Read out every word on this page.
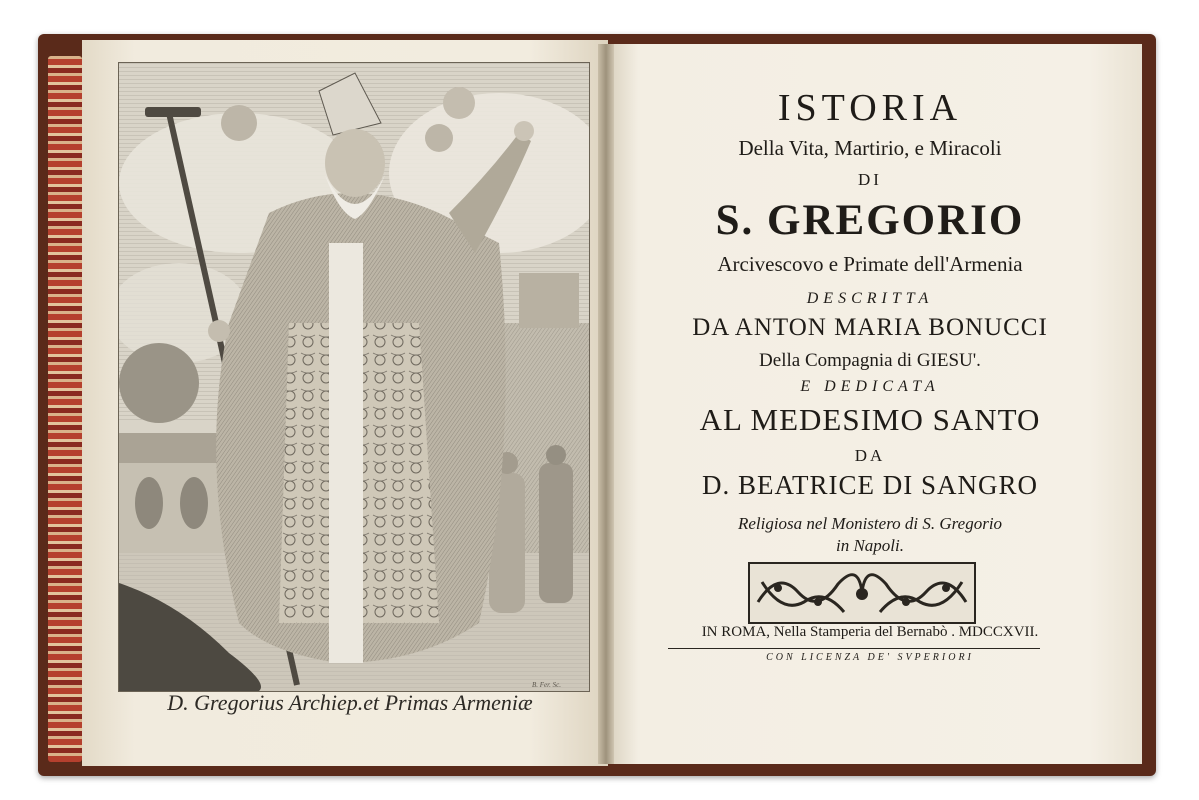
D. Gregorius Archiep.et Primas Armeniæ
B. Fer. Sc.
ISTORIA
Della Vita, Martirio, e Miracoli
DI
S. GREGORIO
Arcivescovo e Primate dell'Armenia
DESCRITTA
DA ANTON MARIA BONUCCI
Della Compagnia di GIESU'.
E DEDICATA
AL MEDESIMO SANTO
DA
D. BEATRICE DI SANGRO
Religiosa nel Monistero di S. Gregorio
in Napoli.
IN ROMA, Nella Stamperia del Bernabò . MDCCXVII.
CON LICENZA DE' SVPERIORI
